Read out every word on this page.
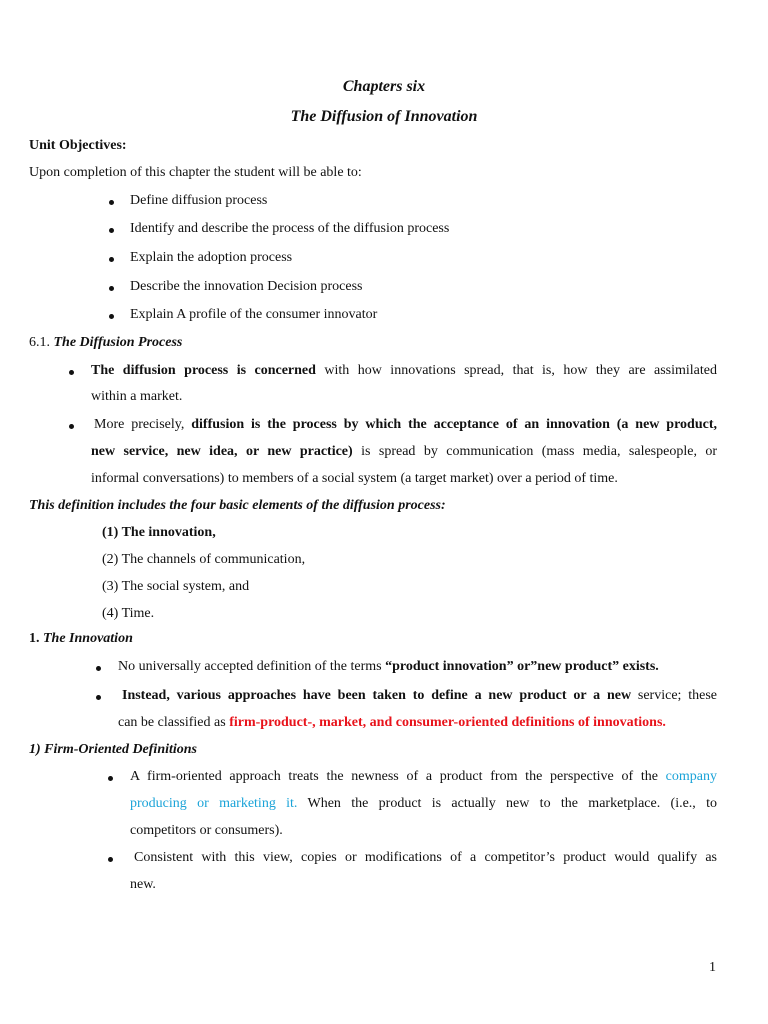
Chapters six
The Diffusion of Innovation
Unit Objectives:
Upon completion of this chapter the student will be able to:
Define diffusion process
Identify and describe the process of the diffusion process
Explain the adoption process
Describe the innovation Decision process
Explain A profile of the consumer innovator
6.1. The Diffusion Process
The diffusion process is concerned with how innovations spread, that is, how they are assimilated
within a market.
More precisely, diffusion is the process by which the acceptance of an innovation (a new product,
new service, new idea, or new practice) is spread by communication (mass media, salespeople, or
informal conversations) to members of a social system (a target market) over a period of time.
This definition includes the four basic elements of the diffusion process:
(1) The innovation,
(2) The channels of communication,
(3) The social system, and
(4) Time.
1. The Innovation
No universally accepted definition of the terms “product innovation” or”new product” exists.
Instead, various approaches have been taken to define a new product or a new service; these
can be classified as firm-product-, market, and consumer-oriented definitions of innovations.
1) Firm-Oriented Definitions
A firm-oriented approach treats the newness of a product from the perspective of the company
producing or marketing it. When the product is actually new to the marketplace. (i.e., to
competitors or consumers).
Consistent with this view, copies or modifications of a competitor’s product would qualify as
new.
1
